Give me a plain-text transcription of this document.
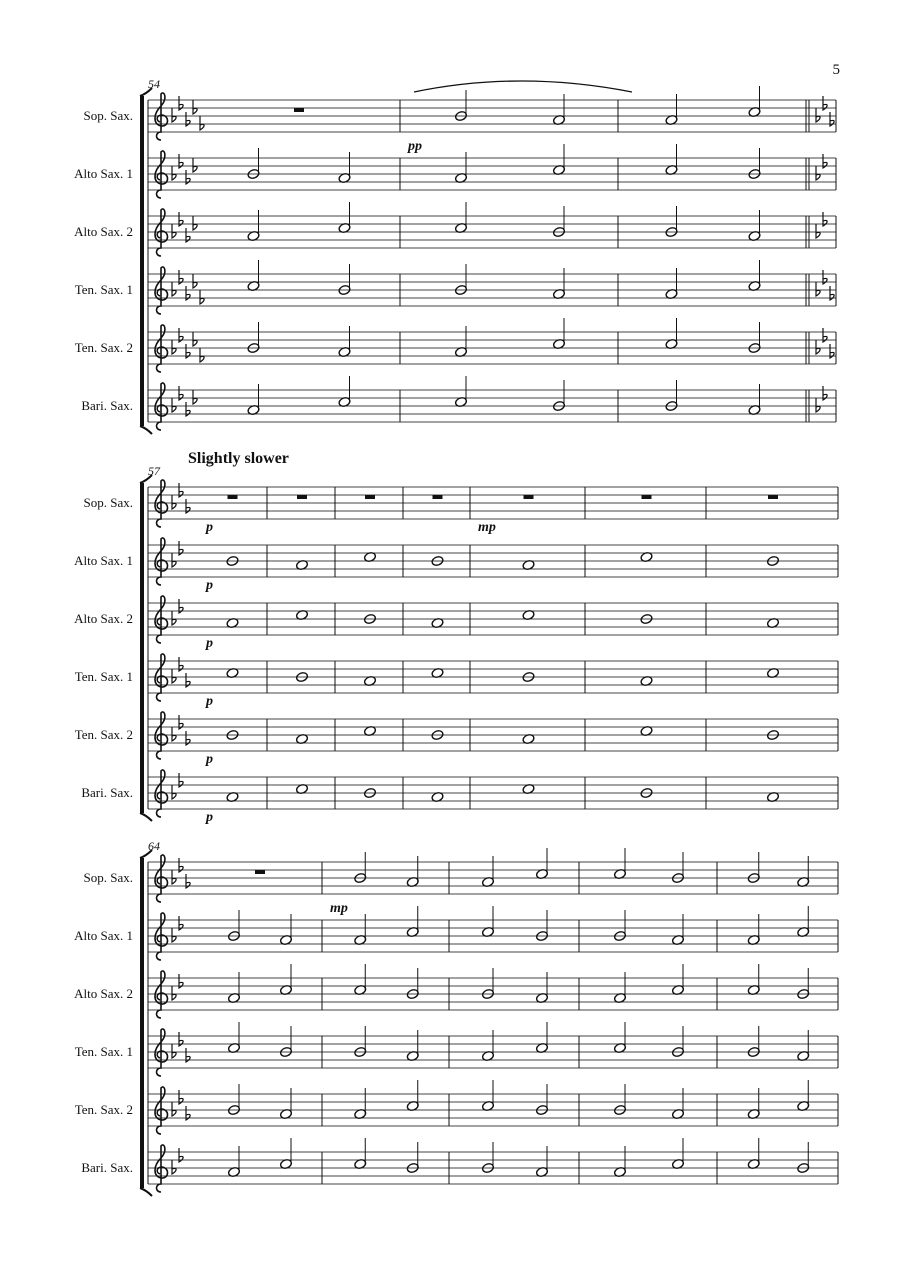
5
Slightly slower
Sop. Sax.
Alto Sax. 1
Alto Sax. 2
Ten. Sax. 1
Ten. Sax. 2
Bari. Sax.
54
pp
Sop. Sax.
Alto Sax. 1
Alto Sax. 2
Ten. Sax. 1
Ten. Sax. 2
Bari. Sax.
57
p
p
p
p
p
p
mp
Sop. Sax.
Alto Sax. 1
Alto Sax. 2
Ten. Sax. 1
Ten. Sax. 2
Bari. Sax.
64
mp
